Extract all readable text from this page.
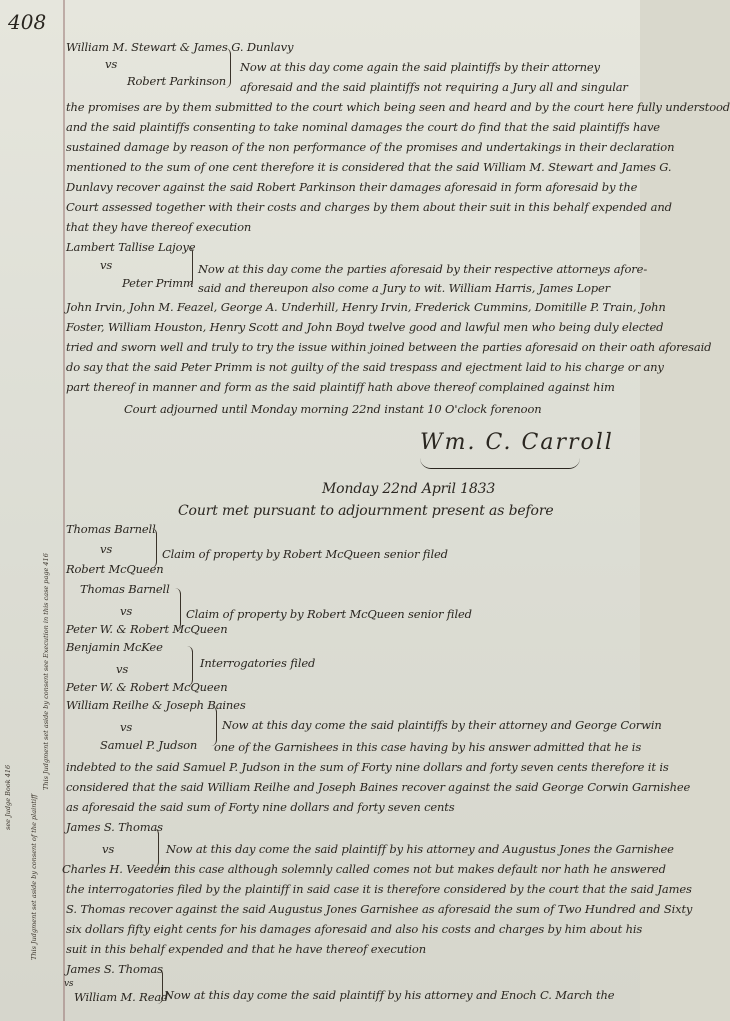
408
William M. Stewart & James G. Dunlavy
vs
Robert Parkinson
Now at this day come again the said plaintiffs by their attorney
aforesaid and the said plaintiffs not requiring a Jury all and singular
the promises are by them submitted to the court which being seen and heard and by the court here fully understood
and the said plaintiffs consenting to take nominal damages the court do find that the said plaintiffs have
sustained damage by reason of the non performance of the promises and undertakings in their declaration
mentioned to the sum of one cent therefore it is considered that the said William M. Stewart and James G.
Dunlavy recover against the said Robert Parkinson their damages aforesaid in form aforesaid by the
Court assessed together with their costs and charges by them about their suit in this behalf expended and
that they have thereof execution
Lambert Tallise Lajoye
vs
Peter Primm
Now at this day come the parties aforesaid by their respective attorneys afore-
said and thereupon also come a Jury to wit. William Harris, James Loper
John Irvin, John M. Feazel, George A. Underhill, Henry Irvin, Frederick Cummins, Domitille P. Train, John
Foster, William Houston, Henry Scott and John Boyd twelve good and lawful men who being duly elected
tried and sworn well and truly to try the issue within joined between the parties aforesaid on their oath aforesaid
do say that the said Peter Primm is not guilty of the said trespass and ejectment laid to his charge or any
part thereof in manner and form as the said plaintiff hath above thereof complained against him
Court adjourned until Monday morning 22nd instant 10 O'clock forenoon
Wm. C. Carroll
Monday 22nd April 1833
Court met pursuant to adjournment present as before
Thomas Barnell
vs
Robert McQueen
Claim of property by Robert McQueen senior filed
Thomas Barnell
vs
Peter W. & Robert McQueen
Claim of property by Robert McQueen senior filed
Benjamin McKee
vs
Peter W. & Robert McQueen
Interrogatories filed
William Reilhe & Joseph Baines
vs
Samuel P. Judson
Now at this day come the said plaintiffs by their attorney and George Corwin
one of the Garnishees in this case having by his answer admitted that he is
indebted to the said Samuel P. Judson in the sum of Forty nine dollars and forty seven cents therefore it is
considered that the said William Reilhe and Joseph Baines recover against the said George Corwin Garnishee
as aforesaid the said sum of Forty nine dollars and forty seven cents
This Judgment set aside by consent see Execution in this case page 416
James S. Thomas
vs
Charles H. Veeder
Now at this day come the said plaintiff by his attorney and Augustus Jones the Garnishee
in this case although solemnly called comes not but makes default nor hath he answered
the interrogatories filed by the plaintiff in said case it is therefore considered by the court that the said James
S. Thomas recover against the said Augustus Jones Garnishee as aforesaid the sum of Two Hundred and Sixty
six dollars fifty eight cents for his damages aforesaid and also his costs and charges by him about his
suit in this behalf expended and that he have thereof execution
This Judgment set aside by consent of the plaintiff
see Judge Book 416
James S. Thomas
vs
William M. Read
Now at this day come the said plaintiff by his attorney and Enoch C. March the
